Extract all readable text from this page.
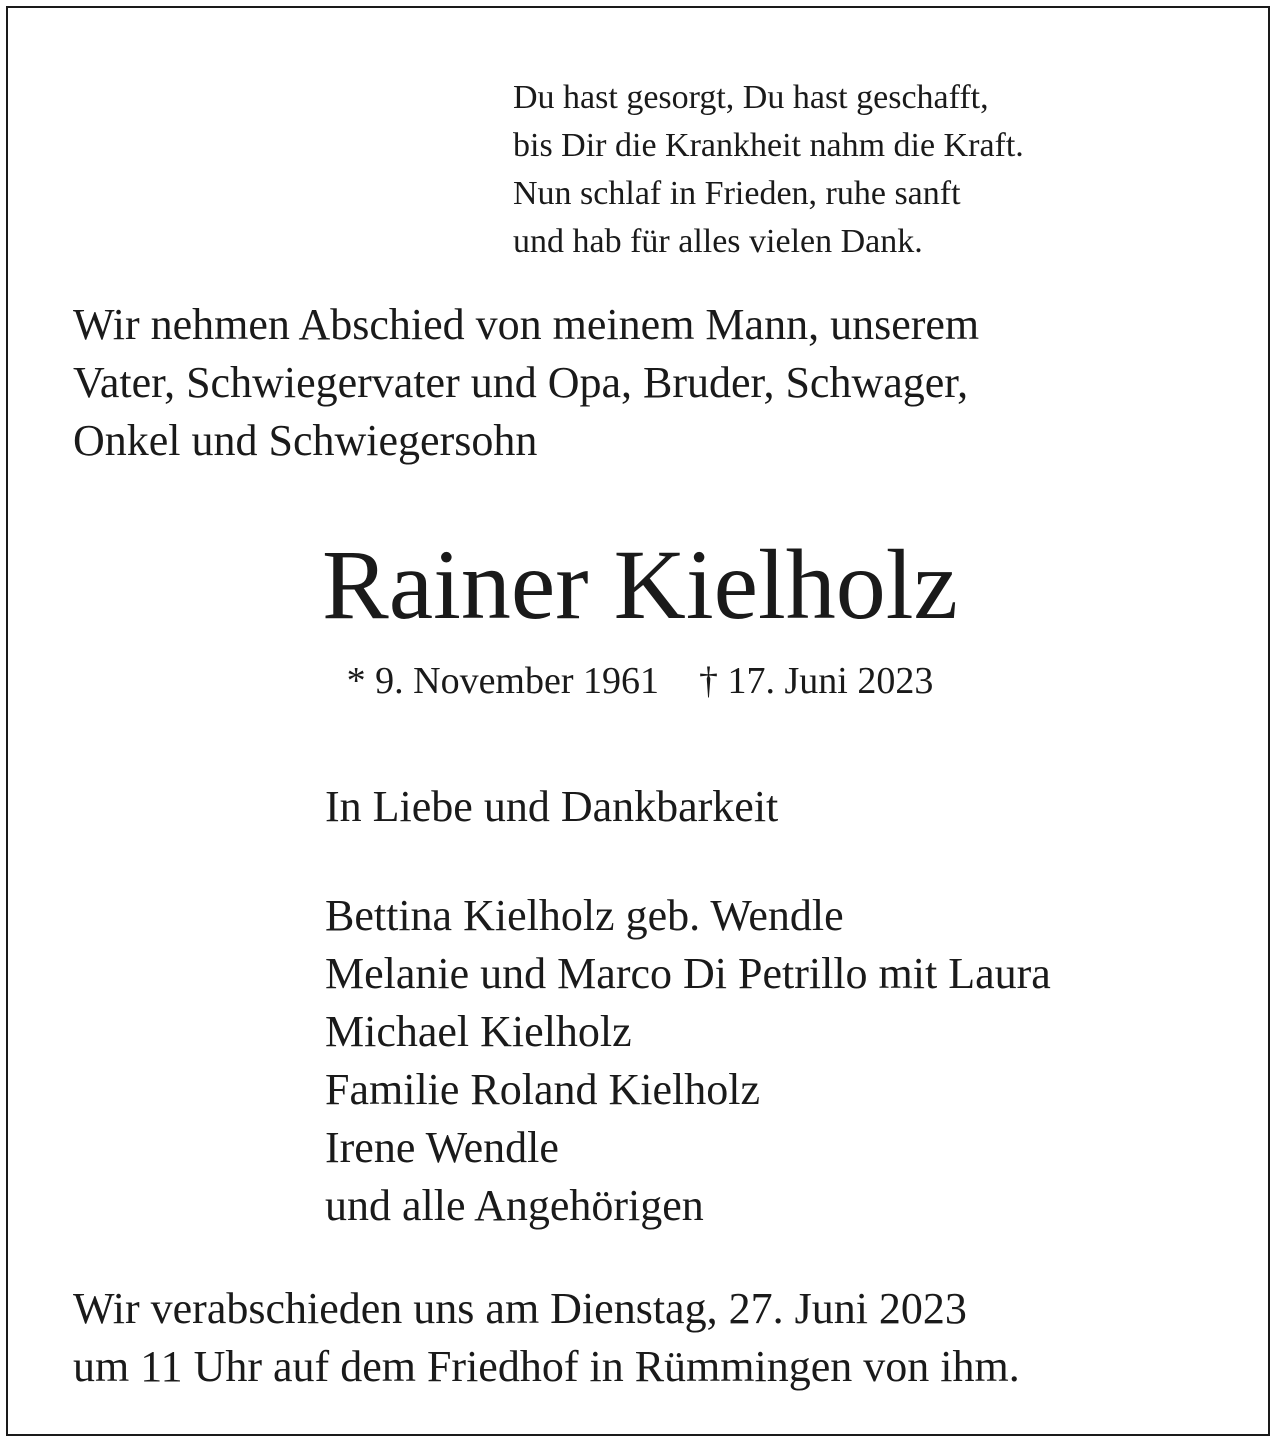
Du hast gesorgt, Du hast geschafft,
bis Dir die Krankheit nahm die Kraft.
Nun schlaf in Frieden, ruhe sanft
und hab für alles vielen Dank.
Wir nehmen Abschied von meinem Mann, unserem
Vater, Schwiegervater und Opa, Bruder, Schwager,
Onkel und Schwiegersohn
Rainer Kielholz
* 9. November 1961 † 17. Juni 2023
In Liebe und Dankbarkeit
Bettina Kielholz geb. Wendle
Melanie und Marco Di Petrillo mit Laura
Michael Kielholz
Familie Roland Kielholz
Irene Wendle
und alle Angehörigen
Wir verabschieden uns am Dienstag, 27. Juni 2023
um 11 Uhr auf dem Friedhof in Rümmingen von ihm.
